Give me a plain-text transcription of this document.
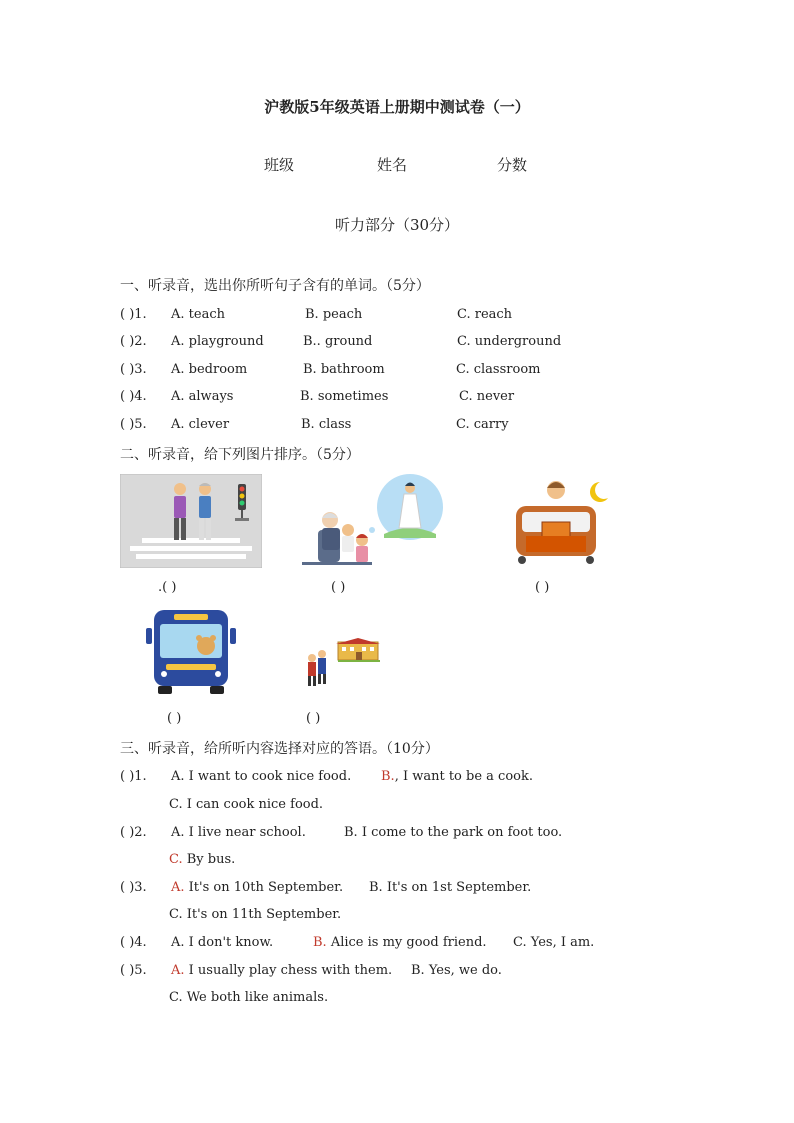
沪教版5年级英语上册期中测试卷（一）
班级	姓名	分数
听力部分（30分）
一、听录音，选出你所听句子含有的单词。（5分）
( )1. A. teach	B. peach	C. reach
( )2. A. playground	B.. ground	C. underground
( )3. A. bedroom	B. bathroom	C. classroom
( )4. A. always	B. sometimes	C. never
( )5. A. clever	B. class	C. carry
二、听录音，给下列图片排序。（5分）
.( )	( )	( )
( )	( )
三、听录音，给所听内容选择对应的答语。（10分）
( )1. A. I want to cook nice food. B., I want to be a cook.
C. I can cook nice food.
( )2. A. I live near school.	B. I come to the park on foot too.
C. By bus.
( )3. A. It's on 10th September. B. It's on 1st September.
C. It's on 11th September.
( )4. A. I don't know.	B. Alice is my good friend. C. Yes, I am.
( )5. A. I usually play chess with them. B. Yes, we do.
C. We both like animals.
